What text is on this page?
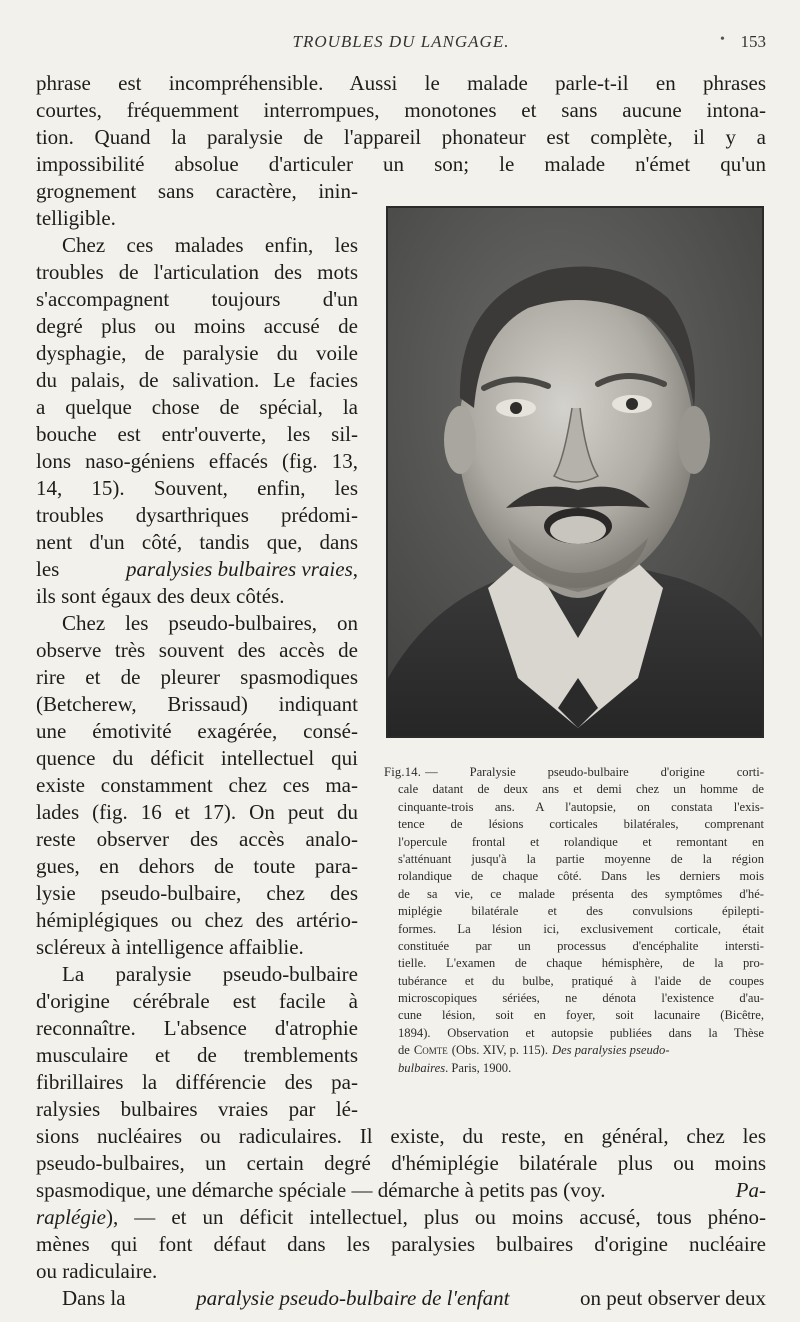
TROUBLES DU LANGAGE.	• 153
phrase est incompréhensible. Aussi le malade parle-t-il en phrases
courtes, fréquemment interrompues, monotones et sans aucune intona-
tion. Quand la paralysie de l'appareil phonateur est complète, il y a
impossibilité absolue d'articuler un son; le malade n'émet qu'un
grognement sans caractère, inin-
telligible.
Chez ces malades enfin, les
troubles de l'articulation des mots
s'accompagnent toujours d'un
degré plus ou moins accusé de
dysphagie, de paralysie du voile
du palais, de salivation. Le facies
a quelque chose de spécial, la
bouche est entr'ouverte, les sil-
lons naso-géniens effacés (fig. 13,
14, 15). Souvent, enfin, les
troubles dysarthriques prédomi-
nent d'un côté, tandis que, dans
les	paralysies bulbaires vraies,
ils sont égaux des deux côtés.
Chez les pseudo-bulbaires, on
observe très souvent des accès de
rire et de pleurer spasmodiques
(Betcherew, Brissaud) indiquant
une émotivité exagérée, consé-
quence du déficit intellectuel qui
existe constamment chez ces ma-
lades (fig. 16 et 17). On peut du
reste observer des accès analo-
gues, en dehors de toute para-
lysie pseudo-bulbaire, chez des
hémiplégiques ou chez des artério-
scléreux à intelligence affaiblie.
La paralysie pseudo-bulbaire
d'origine cérébrale est facile à
reconnaître. L'absence d'atrophie
musculaire et de tremblements
fibrillaires la différencie des pa-
ralysies bulbaires vraies par lé-
sions nucléaires ou radiculaires. Il existe, du reste, en général, chez les
pseudo-bulbaires, un certain degré d'hémiplégie bilatérale plus ou moins
spasmodique, une démarche spéciale — démarche à petits pas (voy.	Pa-
raplégie ), — et un déficit intellectuel, plus ou moins accusé, tous phéno-
mènes qui font défaut dans les paralysies bulbaires d'origine nucléaire
ou radiculaire.
Dans la	paralysie pseudo-bulbaire de l'enfant	on peut observer deux
Fig.14. — Paralysie pseudo-bulbaire d'origine corti-
cale datant de deux ans et demi chez un homme de
cinquante-trois ans. A l'autopsie, on constata l'exis-
tence de lésions corticales bilatérales, comprenant
l'opercule frontal et rolandique et remontant en
s'atténuant jusqu'à la partie moyenne de la région
rolandique de chaque côté. Dans les derniers mois
de sa vie, ce malade présenta des symptômes d'hé-
miplégie bilatérale et des convulsions épilepti-
formes. La lésion ici, exclusivement corticale, était
constituée par un processus d'encéphalite intersti-
tielle. L'examen de chaque hémisphère, de la pro-
tubérance et du bulbe, pratiqué à l'aide de coupes
microscopiques sériées, ne dénota l'existence d'au-
cune lésion, soit en foyer, soit lacunaire (Bicêtre,
1894). Observation et autopsie publiées dans la Thèse
de Comte (Obs. XIV, p. 115). Des paralysies pseudo-
bulbaires. Paris, 1900.
